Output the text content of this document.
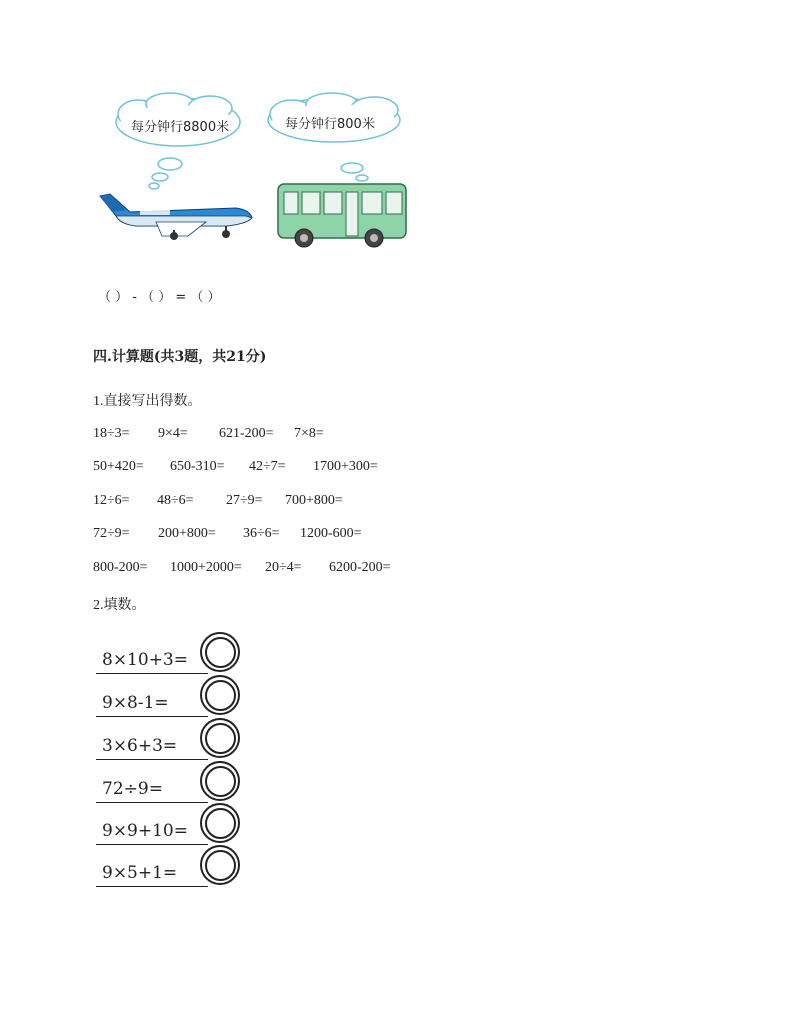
每分钟行8800米	每分钟行800米
（ ） - （ ） = （ ）
四.计算题(共3题，共21分)
1.直接写出得数。
18÷3= 9×4= 621-200= 7×8=
50+420= 650-310= 42÷7= 1700+300=
12÷6= 48÷6= 27÷9= 700+800=
72÷9= 200+800= 36÷6= 1200-600=
800-200= 1000+2000= 20÷4= 6200-200=
2.填数。
8×10+3=
9×8-1=
3×6+3=
72÷9=
9×9+10=
9×5+1=
